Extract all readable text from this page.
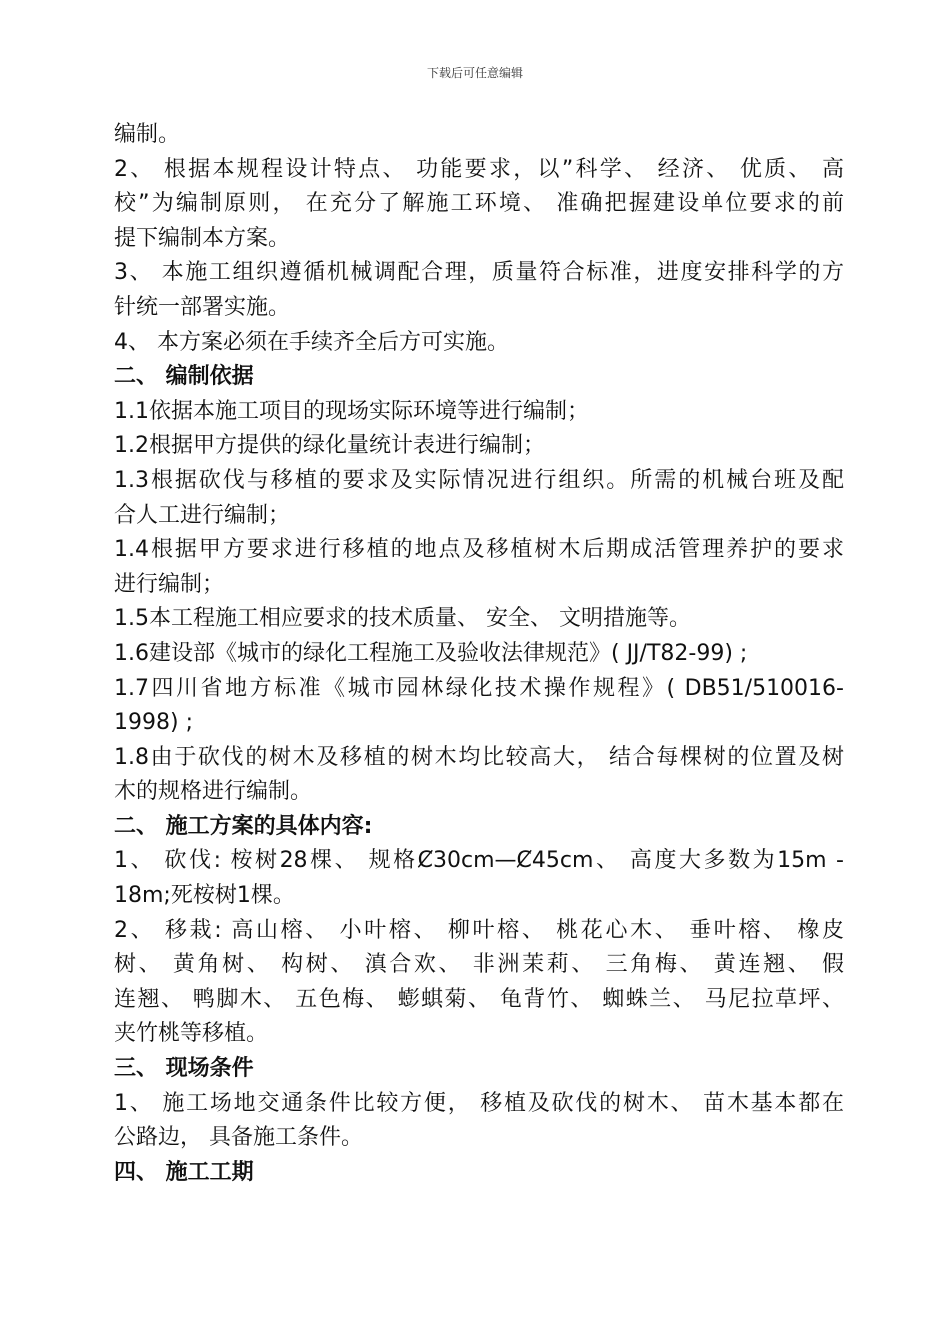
下载后可任意编辑
编制。
2、 根据本规程设计特点、 功能要求，以”科学、 经济、 优质、 高
校”为编制原则， 在充分了解施工环境、 准确把握建设单位要求的前
提下编制本方案。
3、 本施工组织遵循机械调配合理，质量符合标准，进度安排科学的方
针统一部署实施。
4、 本方案必须在手续齐全后方可实施。
二、 编制依据
1.1依据本施工项目的现场实际环境等进行编制；
1.2根据甲方提供的绿化量统计表进行编制；
1.3根据砍伐与移植的要求及实际情况进行组织。所需的机械台班及配
合人工进行编制；
1.4根据甲方要求进行移植的地点及移植树木后期成活管理养护的要求
进行编制；
1.5本工程施工相应要求的技术质量、 安全、 文明措施等。
1.6建设部《城市的绿化工程施工及验收法律规范》( JJ/T82-99) ;
1.7四川省地方标准《城市园林绿化技术操作规程》( DB51/510016-
1998) ;
1.8由于砍伐的树木及移植的树木均比较高大， 结合每棵树的位置及树
木的规格进行编制。
二、 施工方案的具体内容:
1、 砍伐: 桉树28棵、 规格Ȼ30cm—Ȼ45cm、 高度大多数为15m -
18m;死桉树1棵。
2、 移栽: 高山榕、 小叶榕、 柳叶榕、 桃花心木、 垂叶榕、 橡皮
树、 黄角树、 构树、 滇合欢、 非洲茉莉、 三角梅、 黄连翘、 假
连翘、 鸭脚木、 五色梅、 蟛蜞菊、 龟背竹、 蜘蛛兰、 马尼拉草坪、
夹竹桃等移植。
三、 现场条件
1、 施工场地交通条件比较方便， 移植及砍伐的树木、 苗木基本都在
公路边， 具备施工条件。
四、 施工工期
